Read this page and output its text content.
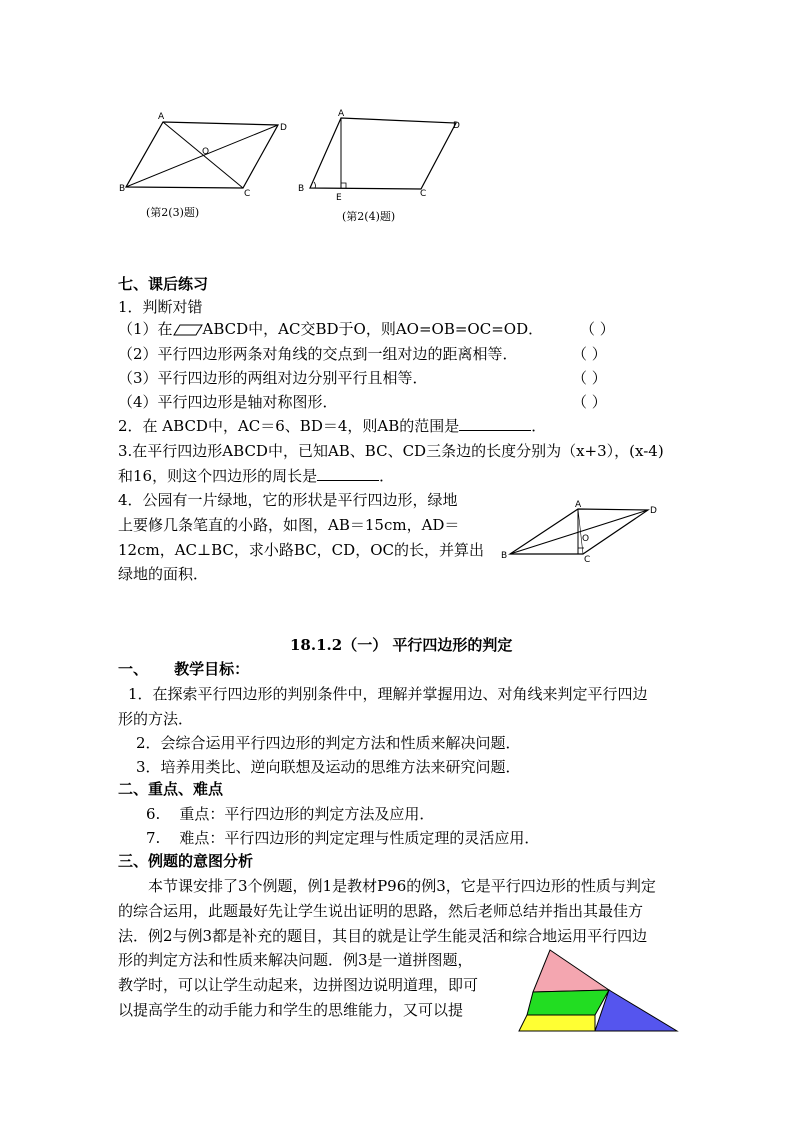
A
D
O
B	C
(第2(3)题)
A
D
B
E	C
(第2(4)题)
七、课后练习
1．判断对错
（1）在 ABCD中，AC交BD于O，则AO=OB=OC=OD． （ ）
（2）平行四边形两条对角线的交点到一组对边的距离相等．	（ ）
（3）平行四边形的两组对边分别平行且相等．	（ ）
（4）平行四边形是轴对称图形．	（ ）
2．在 ABCD中，AC＝6、BD＝4，则AB的范围是	．
3.在平行四边形ABCD中，已知AB、BC、CD三条边的长度分别为（x+3），(x-4)
和16，则这个四边形的周长是	．
4．公园有一片绿地，它的形状是平行四边形，绿地
上要修几条笔直的小路，如图，AB＝15cm，AD＝
12cm，AC⊥BC，求小路BC，CD，OC的长，并算出
绿地的面积．
A
D
O
B	C
18.1.2（一） 平行四边形的判定
一、     教学目标：
1．在探索平行四边形的判别条件中，理解并掌握用边、对角线来判定平行四边
形的方法．
2．会综合运用平行四边形的判定方法和性质来解决问题．
3．培养用类比、逆向联想及运动的思维方法来研究问题．
二、重点、难点
6.    重点：平行四边形的判定方法及应用．
7.    难点：平行四边形的判定定理与性质定理的灵活应用．
三、例题的意图分析
本节课安排了3个例题，例1是教材P96的例3，它是平行四边形的性质与判定
的综合运用，此题最好先让学生说出证明的思路，然后老师总结并指出其最佳方
法．例2与例3都是补充的题目，其目的就是让学生能灵活和综合地运用平行四边
形的判定方法和性质来解决问题．例3是一道拼图题，
教学时，可以让学生动起来，边拼图边说明道理，即可
以提高学生的动手能力和学生的思维能力，又可以提
